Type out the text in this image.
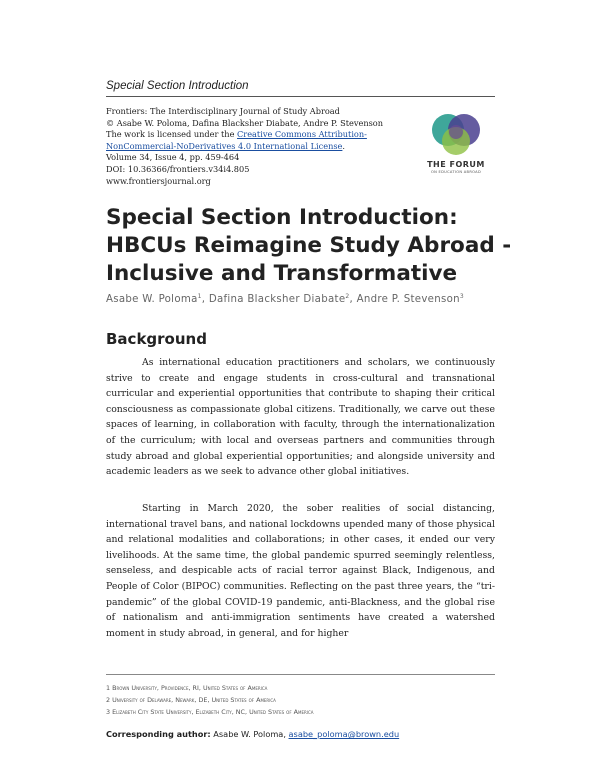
Special Section Introduction
Frontiers: The Interdisciplinary Journal of Study Abroad
© Asabe W. Poloma, Dafina Blacksher Diabate, Andre P. Stevenson
The work is licensed under the Creative Commons Attribution-
NonCommercial-NoDerivatives 4.0 International License.
Volume 34, Issue 4, pp. 459-464
DOI: 10.36366/frontiers.v34i4.805
www.frontiersjournal.org
THE FORUM
ON EDUCATION ABROAD
Special Section Introduction:
HBCUs Reimagine Study Abroad -
Inclusive and Transformative
Asabe W. Poloma$^1$, Dafina Blacksher Diabate$^2$, Andre P. Stevenson$^3$
Background
As international education practitioners and scholars, we continuously strive to create and engage students in cross-cultural and transnational curricular and experiential opportunities that contribute to shaping their critical consciousness as compassionate global citizens. Traditionally, we carve out these spaces of learning, in collaboration with faculty, through the internationalization of the curriculum; with local and overseas partners and communities through study abroad and global experiential opportunities; and alongside university and academic leaders as we seek to advance other global initiatives.
Starting in March 2020, the sober realities of social distancing, international travel bans, and national lockdowns upended many of those physical and relational modalities and collaborations; in other cases, it ended our very livelihoods. At the same time, the global pandemic spurred seemingly relentless, senseless, and despicable acts of racial terror against Black, Indigenous, and People of Color (BIPOC) communities. Reflecting on the past three years, the “tri-pandemic” of the global COVID-19 pandemic, anti-Blackness, and the global rise of nationalism and anti-immigration sentiments have created a watershed moment in study abroad, in general, and for higher
1 Brown University, Providence, RI, United States of America
2 University of Delaware, Newark, DE, United States of America
3 Elizabeth City State University, Elizabeth City, NC, United States of America
Corresponding author: Asabe W. Poloma, asabe_poloma@brown.edu
